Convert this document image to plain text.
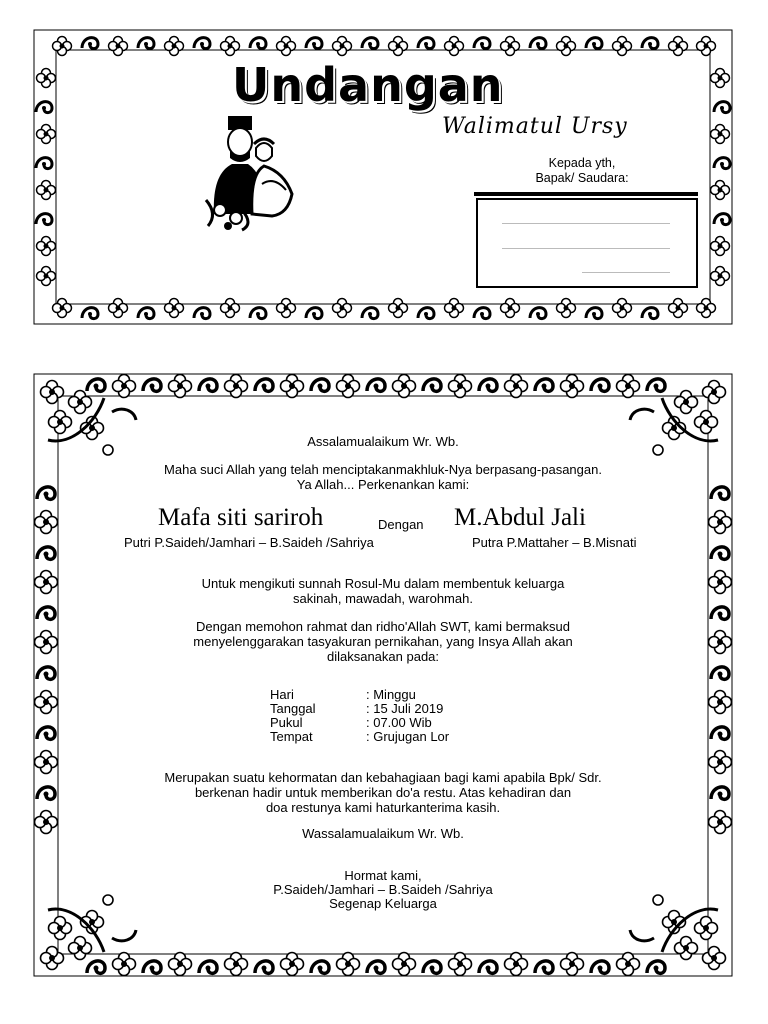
Undangan
Walimatul Ursy
Kepada yth,
Bapak/ Saudara:
Assalamualaikum Wr. Wb.
Maha suci Allah yang telah menciptakanmakhluk-Nya berpasang-pasangan.
Ya Allah... Perkenankan kami:
Mafa siti sariroh	Dengan M.Abdul Jali
Putri P.Saideh/Jamhari – B.Saideh /Sahriya	Putra P.Mattaher – B.Misnati
Untuk mengikuti sunnah Rosul-Mu dalam membentuk keluarga
sakinah, mawadah, warohmah.
Dengan memohon rahmat dan ridho'Allah SWT, kami bermaksud
menyelenggarakan tasyakuran pernikahan, yang Insya Allah akan
dilaksanakan pada:
Hari	: Minggu
Tanggal	: 15 Juli 2019
Pukul	: 07.00 Wib
Tempat	: Grujugan Lor
Merupakan suatu kehormatan dan kebahagiaan bagi kami apabila Bpk/ Sdr.
berkenan hadir untuk memberikan do'a restu. Atas kehadiran dan
doa restunya kami haturkanterima kasih.
Wassalamualaikum Wr. Wb.
Hormat kami,
P.Saideh/Jamhari – B.Saideh /Sahriya
Segenap Keluarga
